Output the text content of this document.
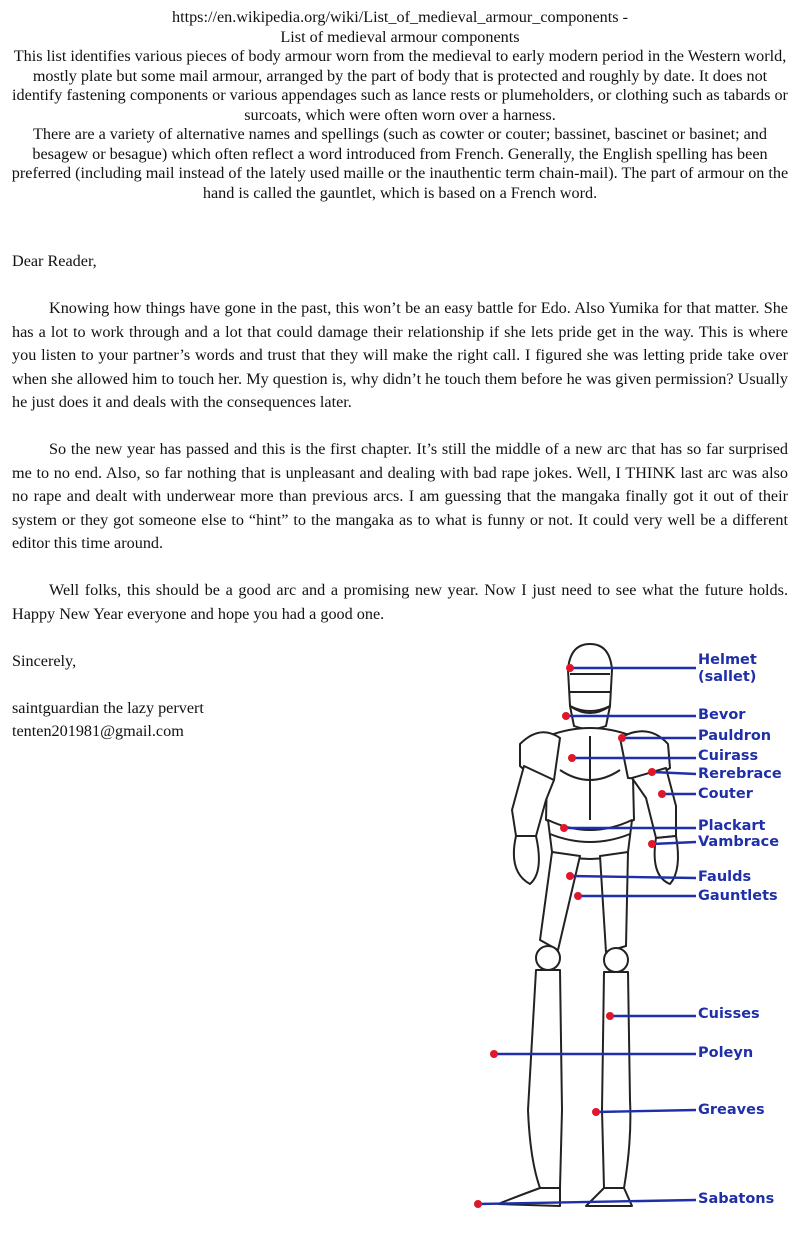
https://en.wikipedia.org/wiki/List_of_medieval_armour_components -

List of medieval armour components

This list identifies various pieces of body armour worn from the medieval to early modern period in the Western world, mostly plate but some mail armour, arranged by the part of body that is protected and roughly by date. It does not identify fastening components or various appendages such as lance rests or plumeholders, or clothing such as tabards or surcoats, which were often worn over a harness.

There are a variety of alternative names and spellings (such as cowter or couter; bassinet, bascinet or basinet; and besagew or besague) which often reflect a word introduced from French. Generally, the English spelling has been preferred (including mail instead of the lately used maille or the inauthentic term chain-mail). The part of armour on the hand is called the gauntlet, which is based on a French word.

Dear Reader,

Knowing how things have gone in the past, this won’t be an easy battle for Edo. Also Yumika for that matter. She has a lot to work through and a lot that could damage their relationship if she lets pride get in the way. This is where you listen to your partner’s words and trust that they will make the right call. I figured she was letting pride take over when she allowed him to touch her. My question is, why didn’t he touch them before he was given permission? Usually he just does it and deals with the consequences later.

So the new year has passed and this is the first chapter. It’s still the middle of a new arc that has so far surprised me to no end. Also, so far nothing that is unpleasant and dealing with bad rape jokes. Well, I THINK last arc was also no rape and dealt with underwear more than previous arcs. I am guessing that the mangaka finally got it out of their system or they got someone else to “hint” to the mangaka as to what is funny or not. It could very well be a different editor this time around.

Well folks, this should be a good arc and a promising new year. Now I just need to see what the future holds. Happy New Year everyone and hope you had a good one.

Sincerely,

saintguardian the lazy pervert

tenten201981@gmail.com

Helmet
(sallet)
Bevor
Pauldron
Cuirass
Rerebrace
Couter
Plackart
Vambrace
Faulds
Gauntlets
Cuisses
Poleyn
Greaves
Sabatons
